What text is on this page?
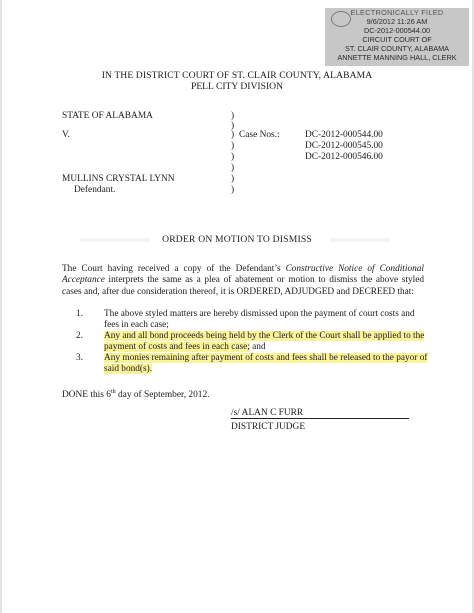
ELECTRONICALLY FILED
9/6/2012 11:26 AM
DC-2012-000544.00
CIRCUIT COURT OF
ST. CLAIR COUNTY, ALABAMA
ANNETTE MANNING HALL, CLERK
IN THE DISTRICT COURT OF ST. CLAIR COUNTY, ALABAMA
PELL CITY DIVISION
STATE OF ALABAMA
V.	Case Nos.:	DC-2012-000544.00
DC-2012-000545.00
DC-2012-000546.00
MULLINS CRYSTAL LYNN
Defendant.
)
)
)
)
)
)
)
)
ORDER ON MOTION TO DISMISS
The Court having received a copy of the Defendant’s Constructive Notice of Conditional Acceptance interprets the same as a plea of abatement or motion to dismiss the above styled cases and, after due consideration thereof, it is ORDERED, ADJUDGED and DECREED that:
1. The above styled matters are hereby dismissed upon the payment of court costs and fees in each case;
2. Any and all bond proceeds being held by the Clerk of the Court shall be applied to the payment of costs and fees in each case; and
3. Any monies remaining after payment of costs and fees shall be released to the payor of said bond(s).
DONE this 6th day of September, 2012.
/s/ ALAN C FURR
DISTRICT JUDGE
